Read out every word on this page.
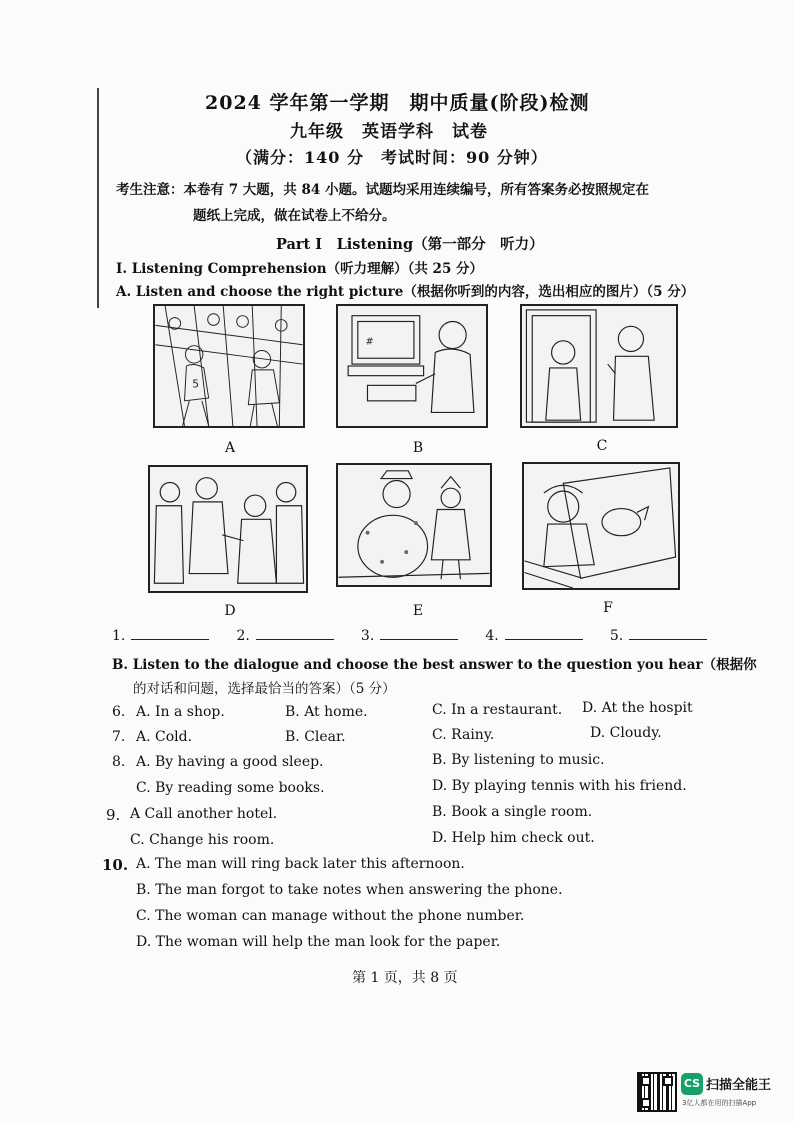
2024 学年第一学期　期中质量(阶段)检测
九年级　英语学科　试卷
（满分：140 分　考试时间：90 分钟）
考生注意：本卷有 7 大题，共 84 小题。试题均采用连续编号，所有答案务必按照规定在
题纸上完成，做在试卷上不给分。
Part I　Listening（第一部分　听力）
I. Listening Comprehension（听力理解）（共 25 分）
A. Listen and choose the right picture（根据你听到的内容，选出相应的图片）（5 分）
5
A
#
B	C
D	E	F
1.	2.	3.	4.	5.
B. Listen to the dialogue and choose the best answer to the question you hear（根据你
的对话和问题，选择最恰当的答案）（5 分）
6. A. In a shop.	B. At home.	C. In a restaurant. D. At the hospit
7. A. Cold.	B. Clear.	C. Rainy.	D. Cloudy.
8. A. By having a good sleep.	B. By listening to music.
C. By reading some books.	D. By playing tennis with his friend.
9. A Call another hotel.	B. Book a single room.
C. Change his room.	D. Help him check out.
10. A. The man will ring back later this afternoon.
B. The man forgot to take notes when answering the phone.
C. The woman can manage without the phone number.
D. The woman will help the man look for the paper.
第 1 页，共 8 页
CS 扫描全能王
3亿人都在用的扫描App
